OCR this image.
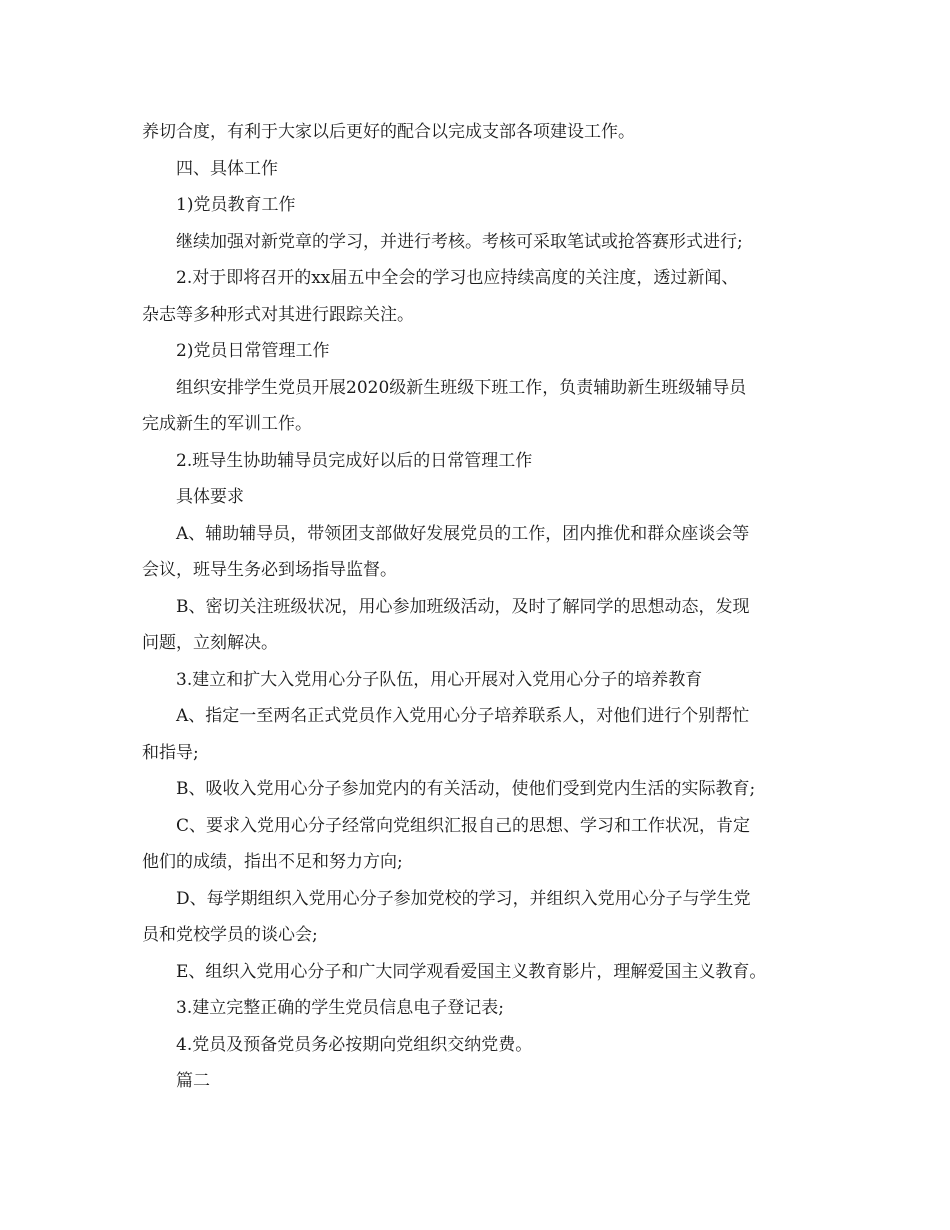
养切合度，有利于大家以后更好的配合以完成支部各项建设工作。

四、具体工作

1)党员教育工作

继续加强对新党章的学习，并进行考核。考核可采取笔试或抢答赛形式进行;

2.对于即将召开的xx届五中全会的学习也应持续高度的关注度，透过新闻、

杂志等多种形式对其进行跟踪关注。

2)党员日常管理工作

组织安排学生党员开展2020级新生班级下班工作，负责辅助新生班级辅导员

完成新生的军训工作。

2.班导生协助辅导员完成好以后的日常管理工作

具体要求

A、辅助辅导员，带领团支部做好发展党员的工作，团内推优和群众座谈会等

会议，班导生务必到场指导监督。

B、密切关注班级状况，用心参加班级活动，及时了解同学的思想动态，发现

问题，立刻解决。

3.建立和扩大入党用心分子队伍，用心开展对入党用心分子的培养教育

A、指定一至两名正式党员作入党用心分子培养联系人，对他们进行个别帮忙

和指导;

B、吸收入党用心分子参加党内的有关活动，使他们受到党内生活的实际教育;

C、要求入党用心分子经常向党组织汇报自己的思想、学习和工作状况，肯定

他们的成绩，指出不足和努力方向;

D、每学期组织入党用心分子参加党校的学习，并组织入党用心分子与学生党

员和党校学员的谈心会;

E、组织入党用心分子和广大同学观看爱国主义教育影片，理解爱国主义教育。

3.建立完整正确的学生党员信息电子登记表;

4.党员及预备党员务必按期向党组织交纳党费。

篇二
